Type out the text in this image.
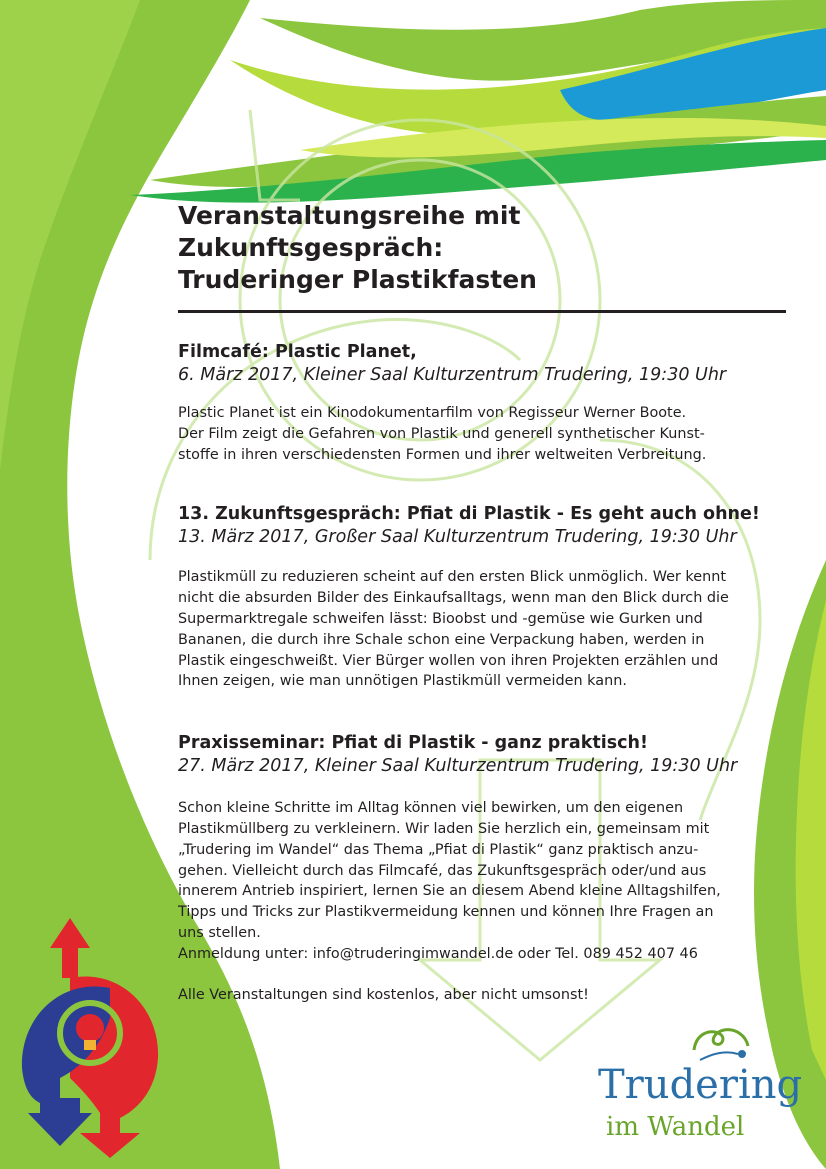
Veranstaltungsreihe mit Zukunftsgespräch:
Truderinger Plastikfasten

Filmcafé: Plastic Planet,

6. März 2017, Kleiner Saal Kulturzentrum Trudering, 19:30 Uhr

Plastic Planet ist ein Kinodokumentarfilm von Regisseur Werner Boote.
Der Film zeigt die Gefahren von Plastik und generell synthetischer Kunst-
stoffe in ihren verschiedensten Formen und ihrer weltweiten Verbreitung.

13. Zukunftsgespräch: Pfiat di Plastik - Es geht auch ohne!

13. März 2017, Großer Saal Kulturzentrum Trudering, 19:30 Uhr

Plastikmüll zu reduzieren scheint auf den ersten Blick unmöglich. Wer kennt
nicht die absurden Bilder des Einkaufsalltags, wenn man den Blick durch die
Supermarktregale schweifen lässt: Bioobst und -gemüse wie Gurken und
Bananen, die durch ihre Schale schon eine Verpackung haben, werden in
Plastik eingeschweißt. Vier Bürger wollen von ihren Projekten erzählen und
Ihnen zeigen, wie man unnötigen Plastikmüll vermeiden kann.

Praxisseminar: Pfiat di Plastik - ganz praktisch!

27. März 2017, Kleiner Saal Kulturzentrum Trudering, 19:30 Uhr

Schon kleine Schritte im Alltag können viel bewirken, um den eigenen
Plastikmüllberg zu verkleinern. Wir laden Sie herzlich ein, gemeinsam mit
„Trudering im Wandel“ das Thema „Pfiat di Plastik“ ganz praktisch anzu-
gehen. Vielleicht durch das Filmcafé, das Zukunftsgespräch oder/und aus
innerem Antrieb inspiriert, lernen Sie an diesem Abend kleine Alltagshilfen,
Tipps und Tricks zur Plastikvermeidung kennen und können Ihre Fragen an
uns stellen.
Anmeldung unter: info@truderingimwandel.de oder Tel. 089 452 407 46

Alle Veranstaltungen sind kostenlos, aber nicht umsonst!

Trudering
im Wandel
